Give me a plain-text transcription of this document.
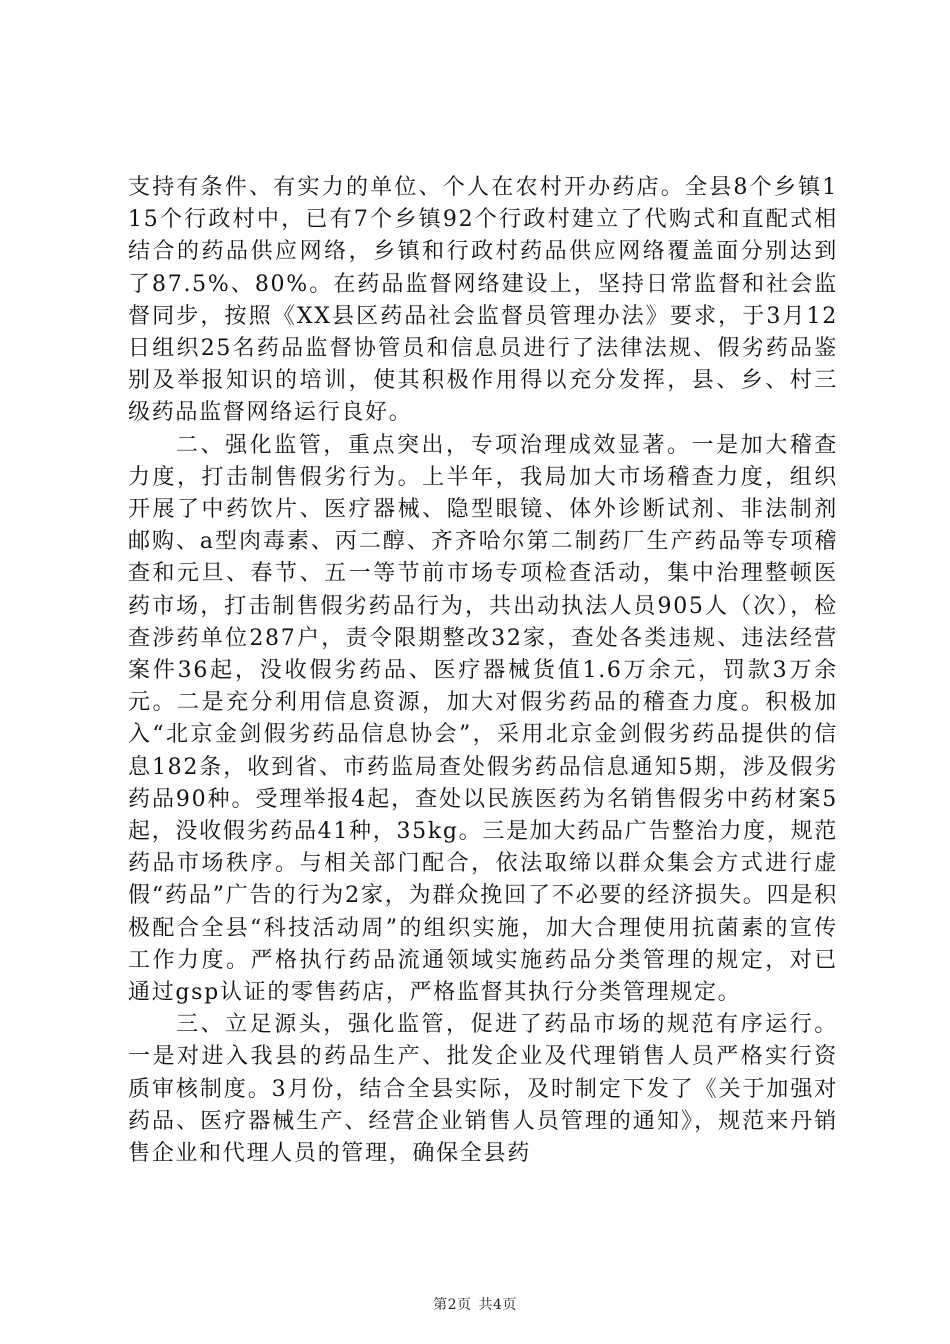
支持有条件、有实力的单位、个人在农村开办药店。全县8个乡镇115个行政村中，已有7个乡镇92个行政村建立了代购式和直配式相结合的药品供应网络，乡镇和行政村药品供应网络覆盖面分别达到了87.5%、80%。在药品监督网络建设上，坚持日常监督和社会监督同步，按照《XX县区药品社会监督员管理办法》要求，于3月12日组织25名药品监督协管员和信息员进行了法律法规、假劣药品鉴别及举报知识的培训，使其积极作用得以充分发挥，县、乡、村三级药品监督网络运行良好。

二、强化监管，重点突出，专项治理成效显著。一是加大稽查力度，打击制售假劣行为。上半年，我局加大市场稽查力度，组织开展了中药饮片、医疗器械、隐型眼镜、体外诊断试剂、非法制剂邮购、a型肉毒素、丙二醇、齐齐哈尔第二制药厂生产药品等专项稽查和元旦、春节、五一等节前市场专项检查活动，集中治理整顿医药市场，打击制售假劣药品行为，共出动执法人员905人（次），检查涉药单位287户，责令限期整改32家，查处各类违规、违法经营案件36起，没收假劣药品、医疗器械货值1.6万余元，罚款3万余元。二是充分利用信息资源，加大对假劣药品的稽查力度。积极加入“北京金剑假劣药品信息协会”，采用北京金剑假劣药品提供的信息182条，收到省、市药监局查处假劣药品信息通知5期，涉及假劣药品90种。受理举报4起，查处以民族医药为名销售假劣中药材案5起，没收假劣药品41种，35kg。三是加大药品广告整治力度，规范药品市场秩序。与相关部门配合，依法取缔以群众集会方式进行虚假“药品”广告的行为2家，为群众挽回了不必要的经济损失。四是积极配合全县“科技活动周”的组织实施，加大合理使用抗菌素的宣传工作力度。严格执行药品流通领域实施药品分类管理的规定，对已通过gsp认证的零售药店，严格监督其执行分类管理规定。

三、立足源头，强化监管，促进了药品市场的规范有序运行。一是对进入我县的药品生产、批发企业及代理销售人员严格实行资质审核制度。3月份，结合全县实际，及时制定下发了《关于加强对药品、医疗器械生产、经营企业销售人员管理的通知》，规范来丹销售企业和代理人员的管理，确保全县药

第2页 共4页
